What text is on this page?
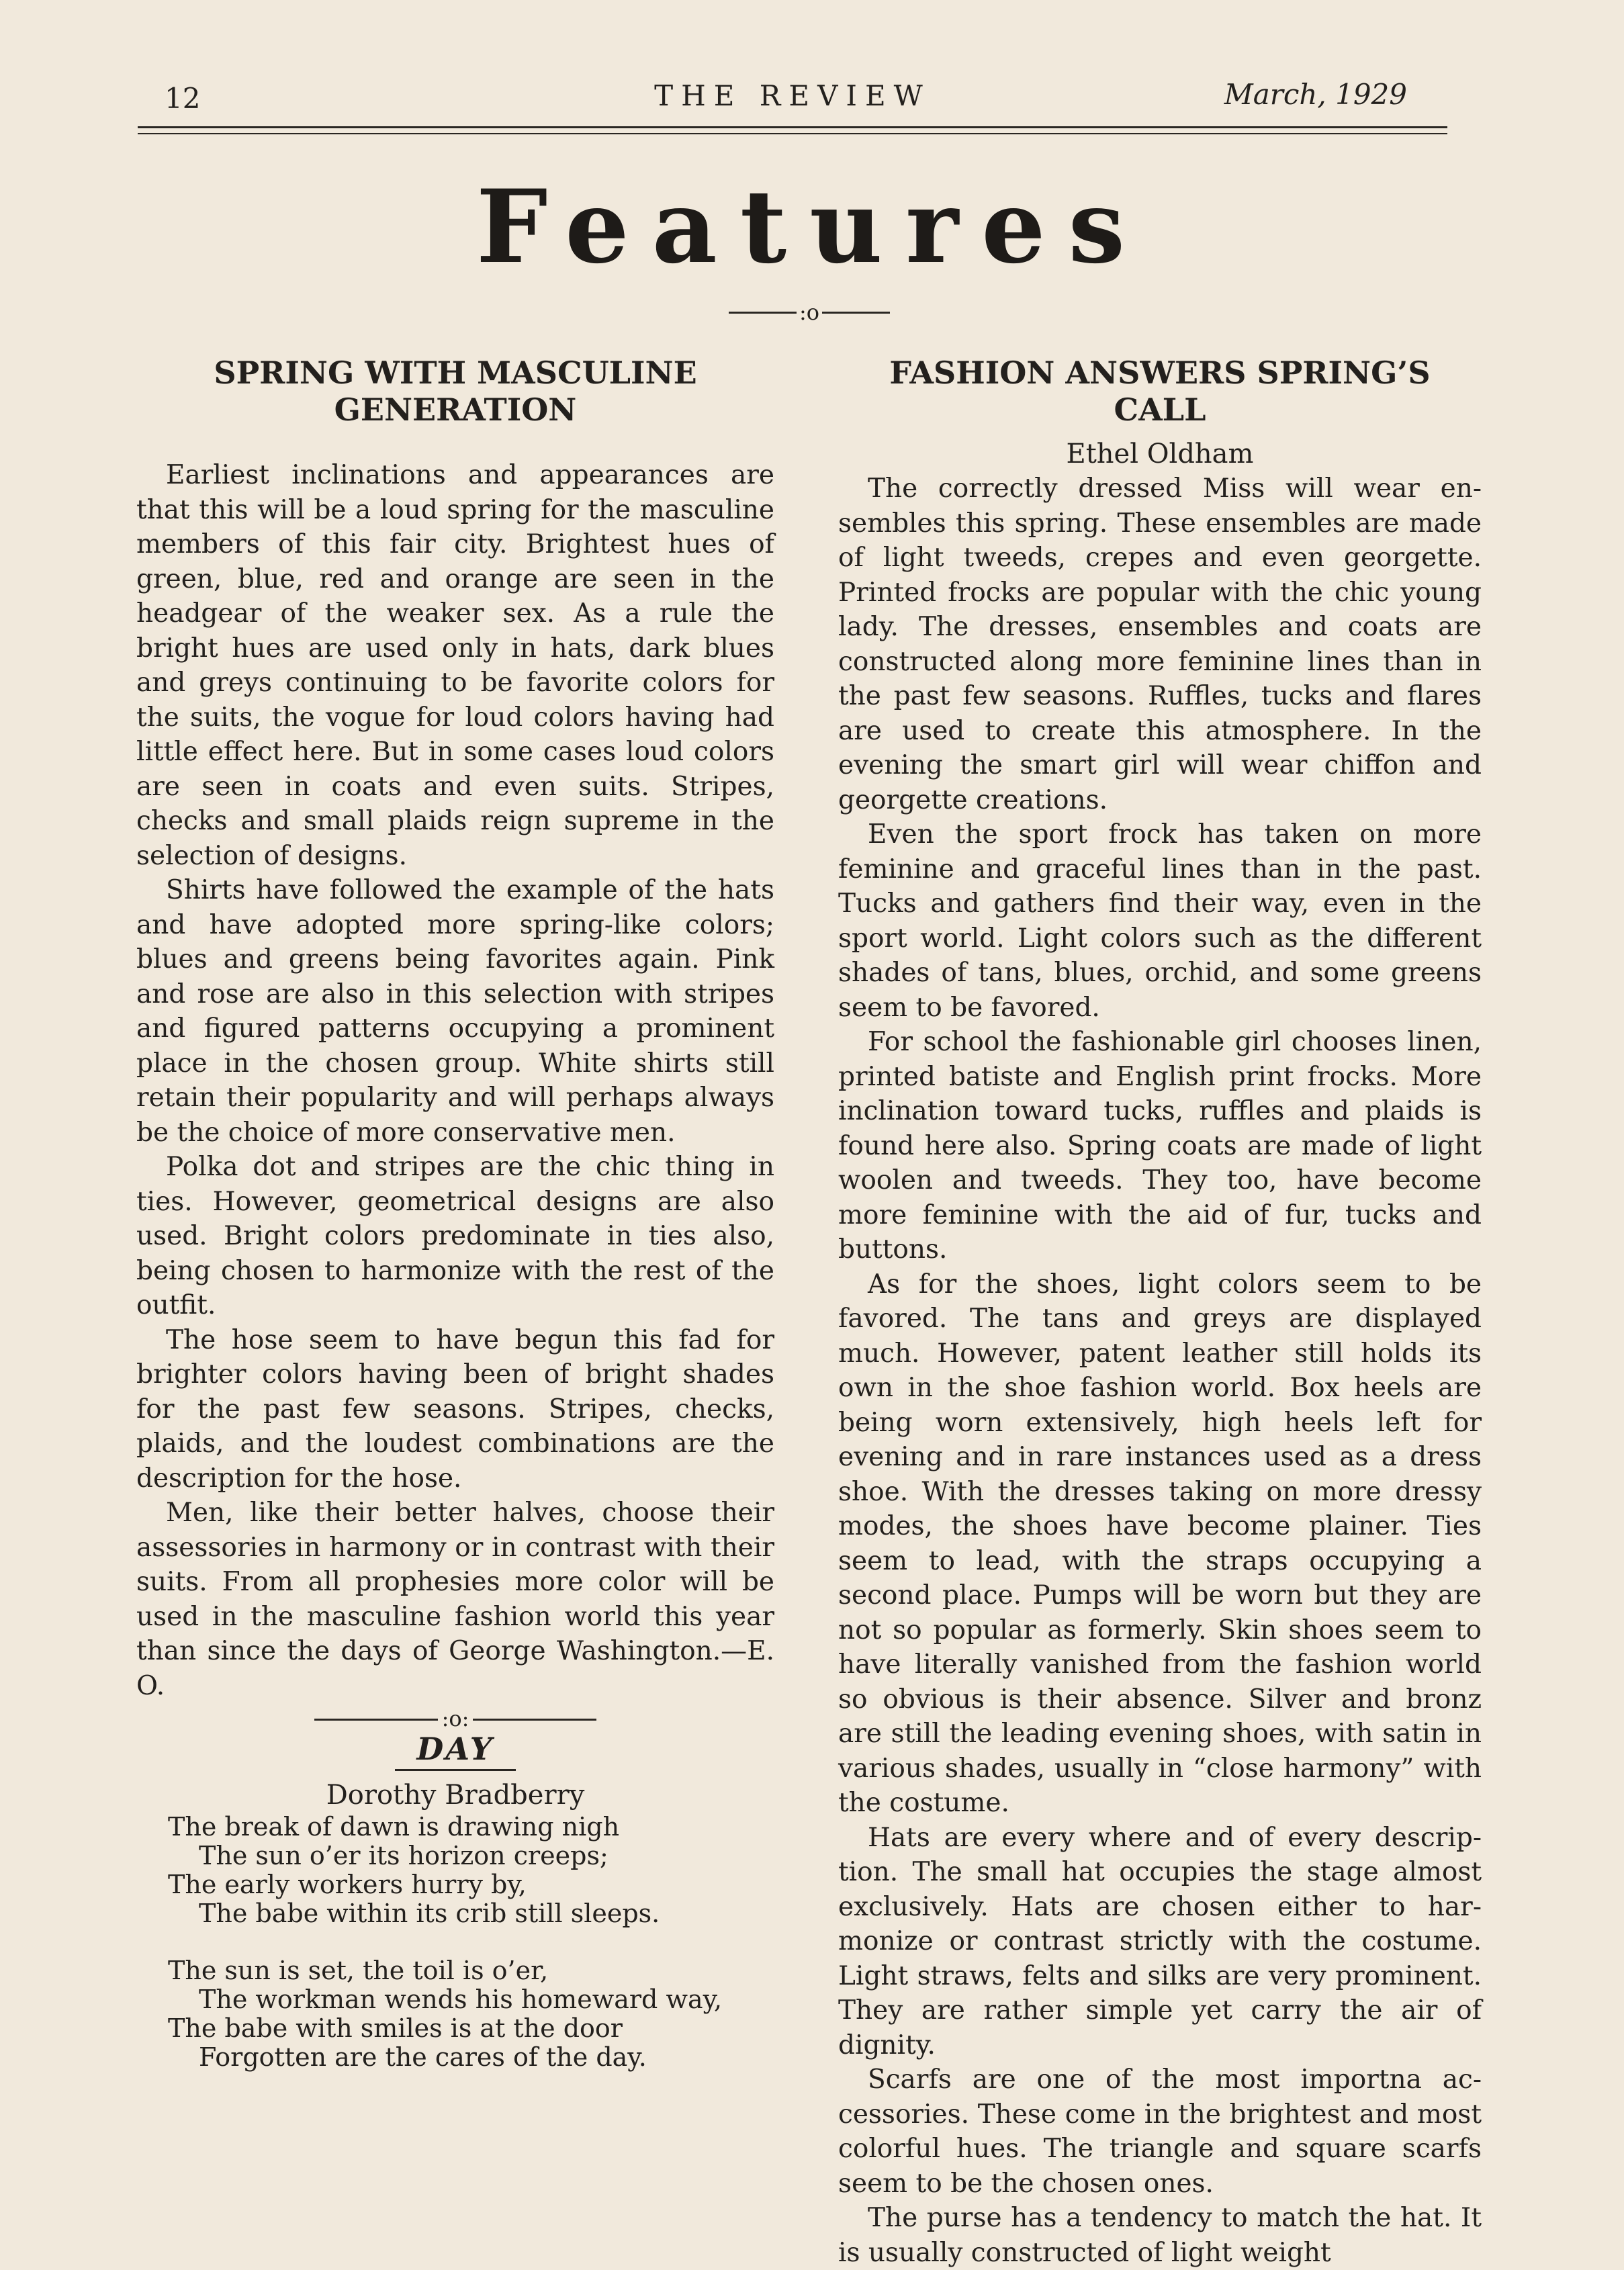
12	THE REVIEW	March, 1929
Features
:o
SPRING WITH MASCULINE GENERATION

Earliest inclinations and appearances are that this will be a loud spring for the masculine members of this fair city. Brightest hues of green, blue, red and orange are seen in the headgear of the weaker sex. As a rule the bright hues are used only in hats, dark blues and greys continuing to be favorite colors for the suits, the vogue for loud colors having had little effect here. But in some cases loud colors are seen in coats and even suits. Stripes, checks and small plaids reign supreme in the selection of designs.

Shirts have followed the example of the hats and have adopted more spring-like colors; blues and greens being favorites again. Pink and rose are also in this selection with stripes and figured patterns occupying a prominent place in the chosen group. White shirts still retain their popularity and will perhaps always be the choice of more conservative men.

Polka dot and stripes are the chic thing in ties. However, geometrical designs are also used. Bright colors predominate in ties also, being chosen to harmonize with the rest of the outfit.

The hose seem to have begun this fad for brighter colors having been of bright shades for the past few seasons. Stripes, checks, plaids, and the loudest combinations are the description for the hose.

Men, like their better halves, choose their assessories in harmony or in contrast with their suits. From all prophesies more color will be used in the masculine fashion world this year than since the days of George Washington.—E. O.

:o:
DAY
Dorothy Bradberry
The break of dawn is drawing nigh
The sun o’er its horizon creeps;
The early workers hurry by,
The babe within its crib still sleeps.
The sun is set, the toil is o’er,
The workman wends his homeward way,
The babe with smiles is at the door
Forgotten are the cares of the day.
FASHION ANSWERS SPRING’S CALL
Ethel Oldham

The correctly dressed Miss will wear ensembles this spring. These ensembles are made of light tweeds, crepes and even georgette. Printed frocks are popular with the chic young lady. The dresses, ensembles and coats are constructed along more feminine lines than in the past few seasons. Ruffles, tucks and flares are used to create this atmosphere. In the evening the smart girl will wear chiffon and georgette creations.

Even the sport frock has taken on more feminine and graceful lines than in the past. Tucks and gathers find their way, even in the sport world. Light colors such as the different shades of tans, blues, orchid, and some greens seem to be favored.

For school the fashionable girl chooses linen, printed batiste and English print frocks. More inclination toward tucks, ruffles and plaids is found here also. Spring coats are made of light woolen and tweeds. They too, have become more feminine with the aid of fur, tucks and buttons.

As for the shoes, light colors seem to be favored. The tans and greys are displayed much. However, patent leather still holds its own in the shoe fashion world. Box heels are being worn extensively, high heels left for evening and in rare instances used as a dress shoe. With the dresses taking on more dressy modes, the shoes have become plainer. Ties seem to lead, with the straps occupying a second place. Pumps will be worn but they are not so popular as formerly. Skin shoes seem to have literally vanished from the fashion world so obvious is their absence. Silver and bronz are still the leading evening shoes, with satin in various shades, usually in “close harmony” with the costume.

Hats are every where and of every description. The small hat occupies the stage almost exclusively. Hats are chosen either to harmonize or contrast strictly with the costume. Light straws, felts and silks are very prominent. They are rather simple yet carry the air of dignity.

Scarfs are one of the most importna accessories. These come in the brightest and most colorful hues. The triangle and square scarfs seem to be the chosen ones.

The purse has a tendency to match the hat. It is usually constructed of light weight
